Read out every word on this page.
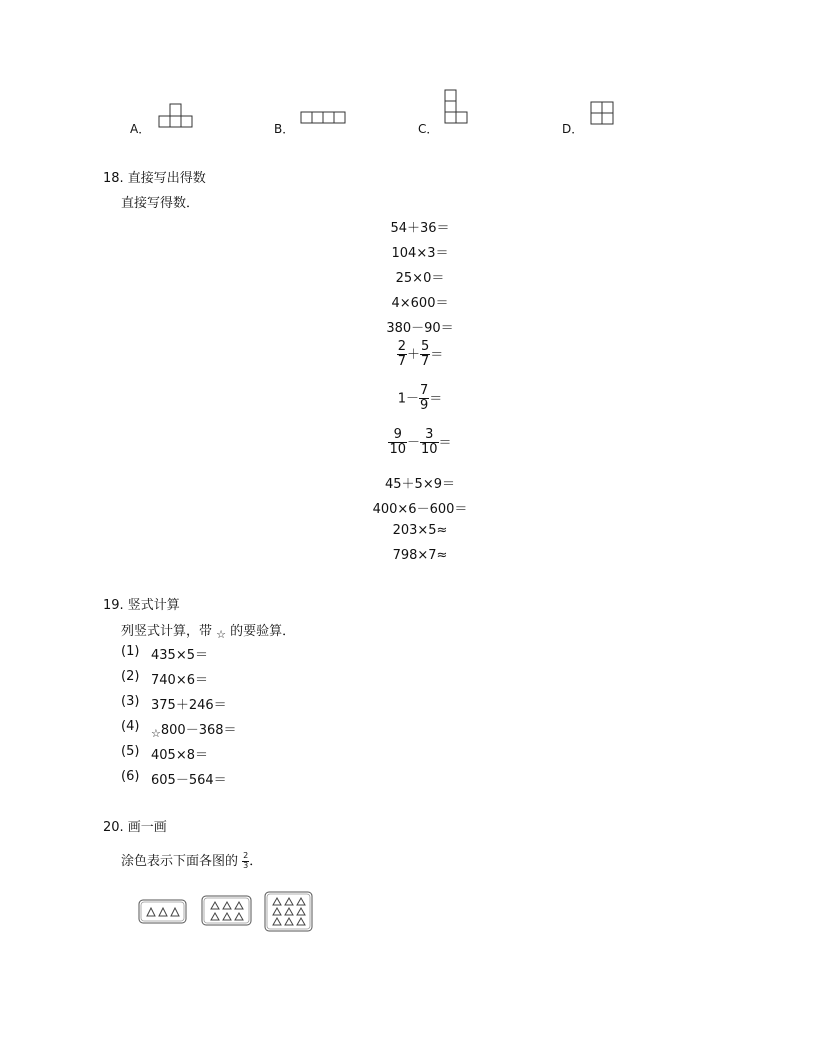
A．	B．	C．	D．
18. 直接写出得数
直接写得数．
54＋36＝
104×3＝
25×0＝
4×600＝
380－90＝
$\frac{2}{7} + \frac{5}{7}$ ＝
$1- \frac{7}{9}$ ＝
$\frac{9}{10} - \frac{3}{10}$ ＝
45＋5×9＝
400×6－600＝
203×5≈
798×7≈
19. 竖式计算
列竖式计算，带 $_☆$ 的要验算．
(1) 435×5＝
(2) 740×6＝
(3) 375＋246＝
(4) $_☆$800－368＝
(5) 405×8＝
(6) 605－564＝
20. 画一画
涂色表示下面各图的 $\frac{2}{3}$ ．
